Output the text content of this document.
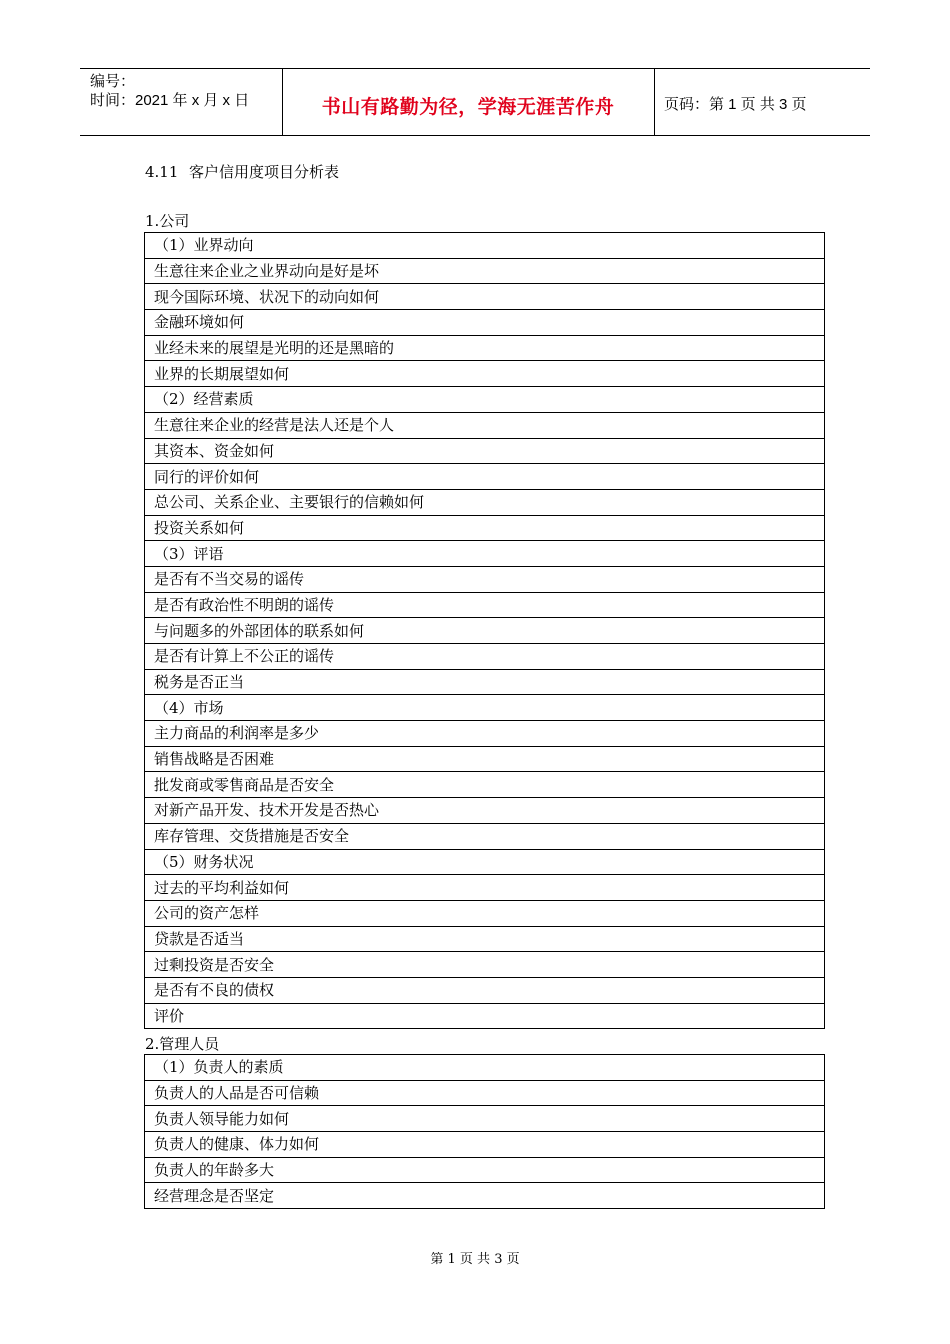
编号：
时间：2021 年 x 月 x 日	书山有路勤为径，学海无涯苦作舟	页码：第 1 页 共 3 页
4.11 客户信用度项目分析表
1.公司
（1）业界动向
生意往来企业之业界动向是好是坏
现今国际环境、状况下的动向如何
金融环境如何
业经未来的展望是光明的还是黑暗的
业界的长期展望如何
（2）经营素质
生意往来企业的经营是法人还是个人
其资本、资金如何
同行的评价如何
总公司、关系企业、主要银行的信赖如何
投资关系如何
（3）评语
是否有不当交易的谣传
是否有政治性不明朗的谣传
与问题多的外部团体的联系如何
是否有计算上不公正的谣传
税务是否正当
（4）市场
主力商品的利润率是多少
销售战略是否困难
批发商或零售商品是否安全
对新产品开发、技术开发是否热心
库存管理、交货措施是否安全
（5）财务状况
过去的平均利益如何
公司的资产怎样
贷款是否适当
过剩投资是否安全
是否有不良的债权
评价
2.管理人员
（1）负责人的素质
负责人的人品是否可信赖
负责人领导能力如何
负责人的健康、体力如何
负责人的年龄多大
经营理念是否坚定
第 1 页 共 3 页
